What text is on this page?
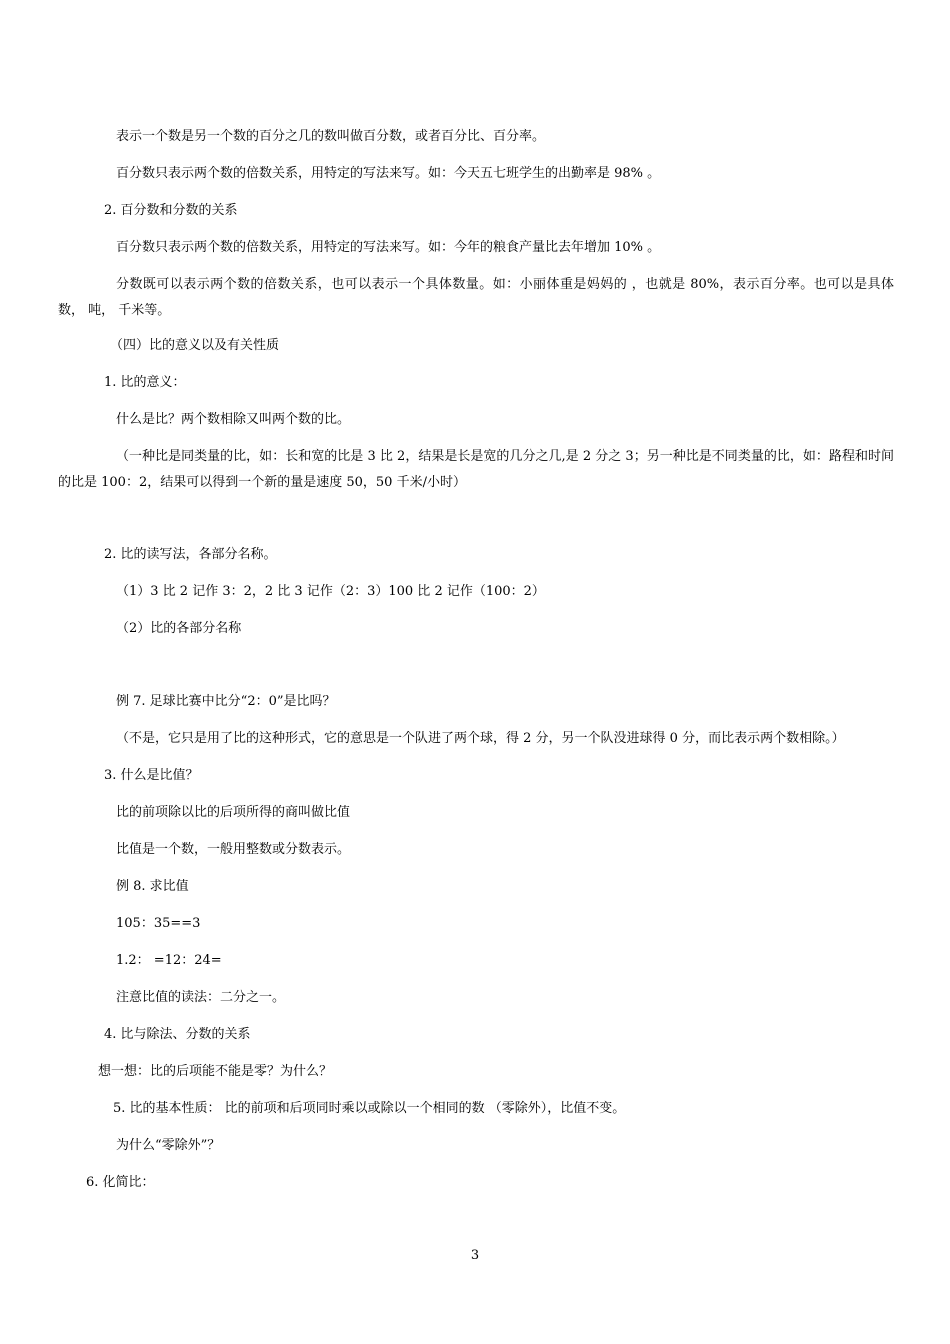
表示一个数是另一个数的百分之几的数叫做百分数，或者百分比、百分率。
百分数只表示两个数的倍数关系，用特定的写法来写。如：今天五七班学生的出勤率是 98% 。
2. 百分数和分数的关系
百分数只表示两个数的倍数关系，用特定的写法来写。如：今年的粮食产量比去年增加 10% 。
分数既可以表示两个数的倍数关系，也可以表示一个具体数量。如：小丽体重是妈妈的 ，也就是 80%，表示百分率。也可以是具体数， 吨， 千米等。
（四）比的意义以及有关性质
1. 比的意义：
什么是比？两个数相除又叫两个数的比。
（一种比是同类量的比，如：长和宽的比是 3 比 2，结果是长是宽的几分之几,是 2 分之 3；另一种比是不同类量的比，如：路程和时间的比是 100：2，结果可以得到一个新的量是速度 50，50 千米/小时）
2. 比的读写法，各部分名称。
（1）3 比 2 记作 3：2，2 比 3 记作（2：3）100 比 2 记作（100：2）
（2）比的各部分名称
例 7. 足球比赛中比分“2：0”是比吗？
（不是，它只是用了比的这种形式，它的意思是一个队进了两个球，得 2 分，另一个队没进球得 0 分，而比表示两个数相除。）
3. 什么是比值？
比的前项除以比的后项所得的商叫做比值
比值是一个数，一般用整数或分数表示。
例 8. 求比值
105：35==3
1.2： =12：24=
注意比值的读法：二分之一。
4. 比与除法、分数的关系
想一想：比的后项能不能是零？为什么？
5. 比的基本性质： 比的前项和后项同时乘以或除以一个相同的数 （零除外），比值不变。
为什么“零除外”？
6. 化简比：
3
